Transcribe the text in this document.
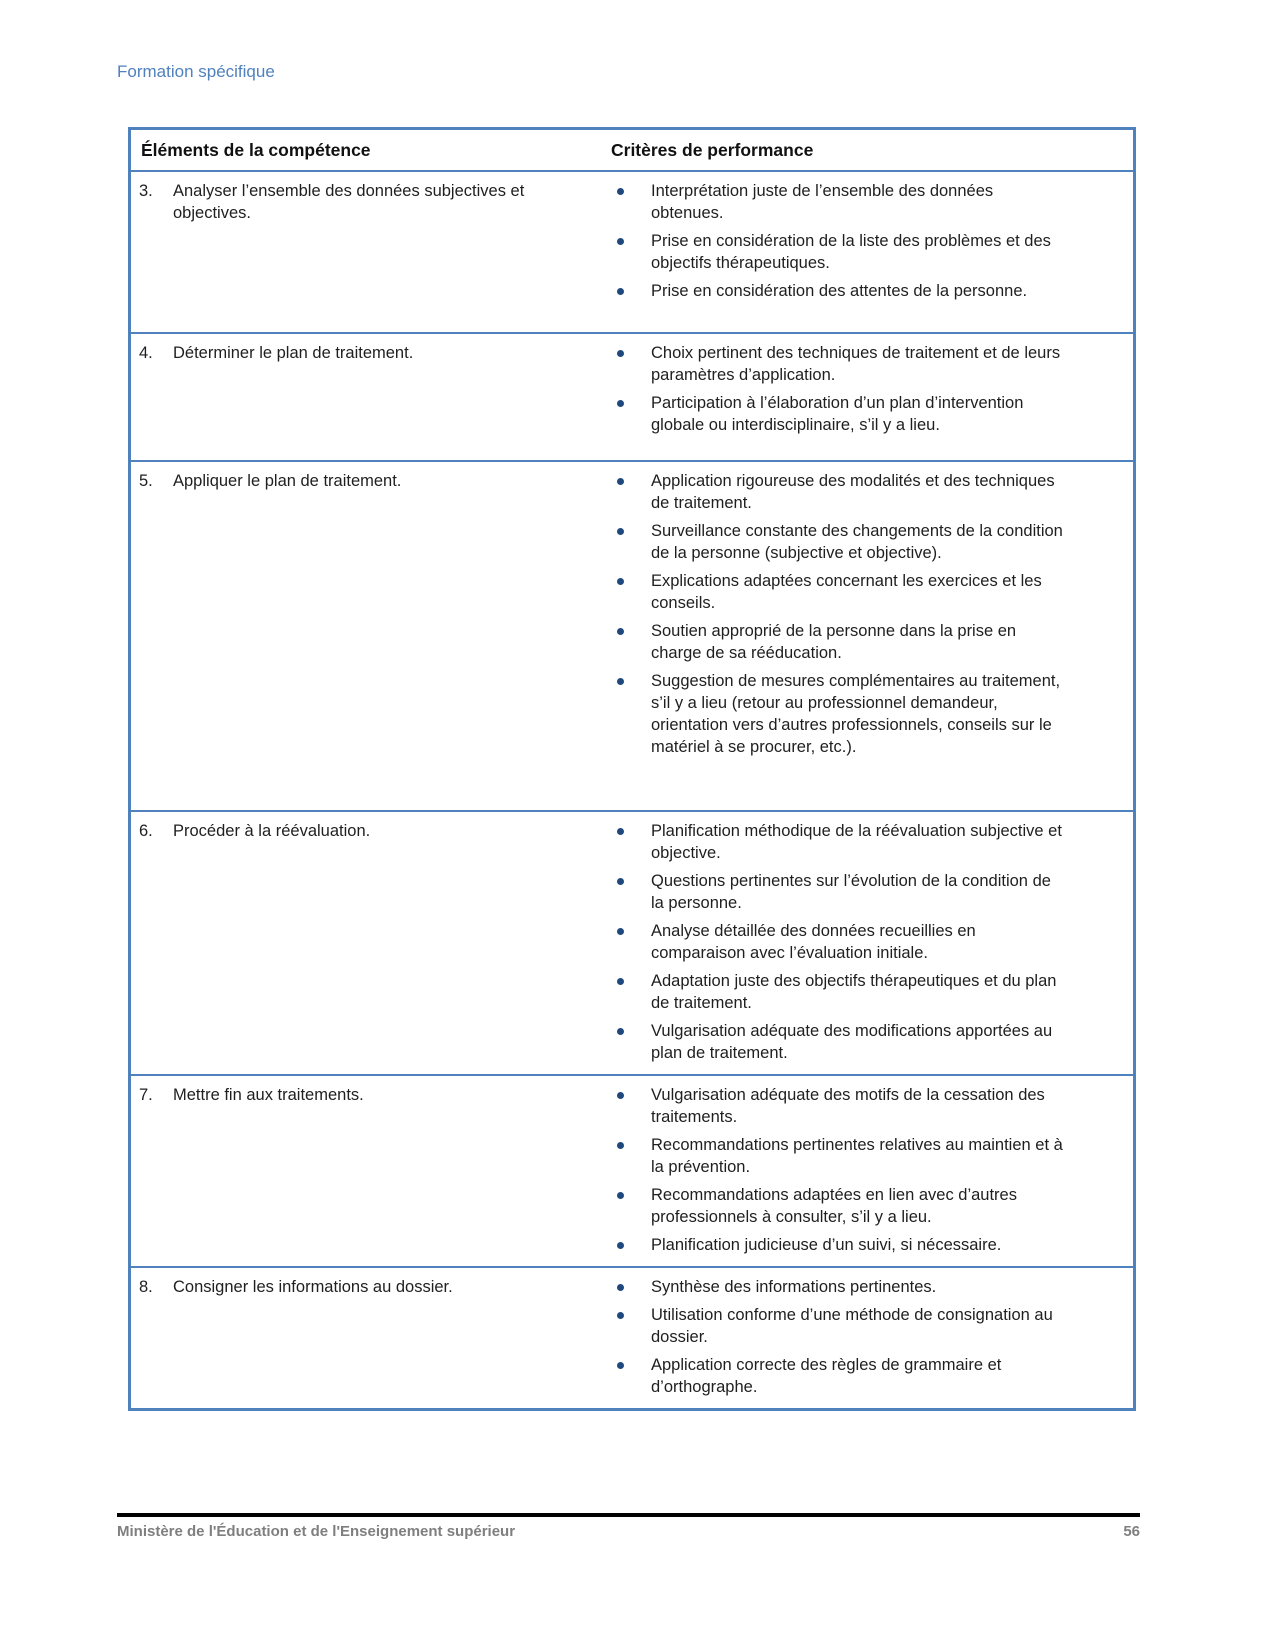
Formation spécifique
Éléments de la compétence	Critères de performance
3.	Analyser l’ensemble des données subjectives et objectives.
Interprétation juste de l’ensemble des données obtenues.
Prise en considération de la liste des problèmes et des objectifs thérapeutiques.
Prise en considération des attentes de la personne.
4.	Déterminer le plan de traitement.	Choix pertinent des techniques de traitement et de leurs paramètres d’application.
Participation à l’élaboration d’un plan d’intervention globale ou interdisciplinaire, s’il y a lieu.
5.	Appliquer le plan de traitement.	Application rigoureuse des modalités et des techniques de traitement.
Surveillance constante des changements de la condition de la personne (subjective et objective).
Explications adaptées concernant les exercices et les conseils.
Soutien approprié de la personne dans la prise en charge de sa rééducation.
Suggestion de mesures complémentaires au traitement, s’il y a lieu (retour au professionnel demandeur, orientation vers d’autres professionnels, conseils sur le matériel à se procurer, etc.).
6.	Procéder à la réévaluation.	Planification méthodique de la réévaluation subjective et objective.
Questions pertinentes sur l’évolution de la condition de la personne.
Analyse détaillée des données recueillies en comparaison avec l’évaluation initiale.
Adaptation juste des objectifs thérapeutiques et du plan de traitement.
Vulgarisation adéquate des modifications apportées au plan de traitement.
7.	Mettre fin aux traitements.	Vulgarisation adéquate des motifs de la cessation des traitements.
Recommandations pertinentes relatives au maintien et à la prévention.
Recommandations adaptées en lien avec d’autres professionnels à consulter, s’il y a lieu.
Planification judicieuse d’un suivi, si nécessaire.
8.	Consigner les informations au dossier.	Synthèse des informations pertinentes.
Utilisation conforme d’une méthode de consignation au dossier.
Application correcte des règles de grammaire et d’orthographe.
Ministère de l'Éducation et de l'Enseignement supérieur	56
